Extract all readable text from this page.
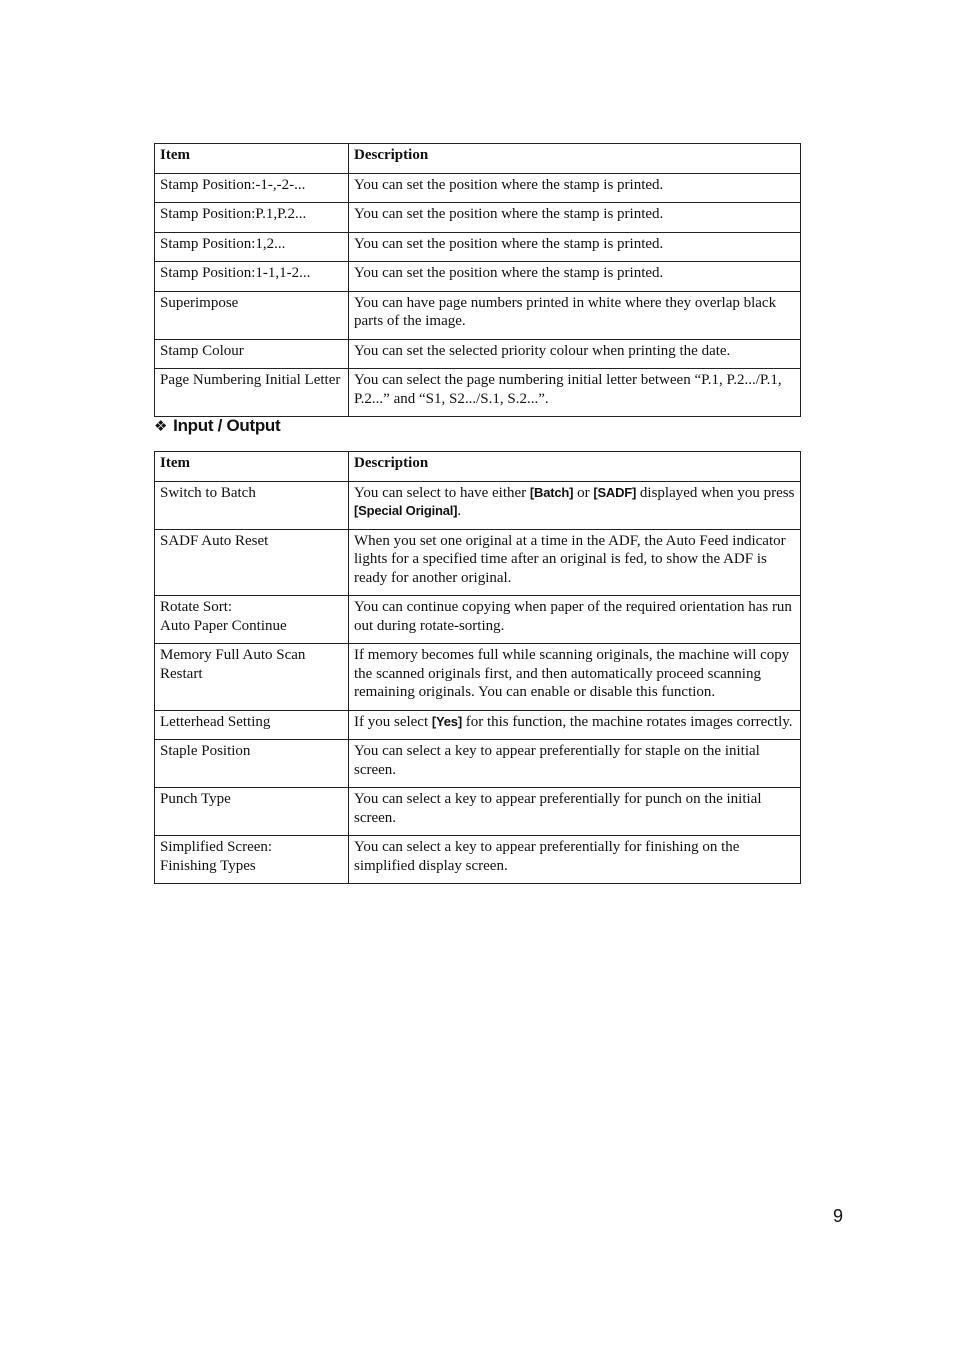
Item	Description
Stamp Position:-1-,-2-...	You can set the position where the stamp is printed.
Stamp Position:P.1,P.2...	You can set the position where the stamp is printed.
Stamp Position:1,2...	You can set the position where the stamp is printed.
Stamp Position:1-1,1-2...	You can set the position where the stamp is printed.
Superimpose	You can have page numbers printed in white where they overlap black parts of the image.
Stamp Colour	You can set the selected priority colour when printing the date.
Page Numbering Initial Letter	You can select the page numbering initial letter between “P.1, P.2.../P.1, P.2...” and “S1, S2.../S.1, S.2...”.
❖ Input / Output
Item	Description
Switch to Batch	You can select to have either [Batch] or [SADF] displayed when you press [Special Original].
SADF Auto Reset	When you set one original at a time in the ADF, the Auto Feed indicator lights for a specified time after an original is fed, to show the ADF is ready for another original.
Rotate Sort:
Auto Paper Continue	You can continue copying when paper of the required orientation has run out during rotate-sorting.
Memory Full Auto Scan Restart	If memory becomes full while scanning originals, the machine will copy the scanned originals first, and then automatically proceed scanning remaining originals. You can enable or disable this function.
Letterhead Setting	If you select [Yes] for this function, the machine rotates images correctly.
Staple Position	You can select a key to appear preferentially for staple on the initial screen.
Punch Type	You can select a key to appear preferentially for punch on the initial screen.
Simplified Screen:
Finishing Types	You can select a key to appear preferentially for finishing on the simplified display screen.
9
